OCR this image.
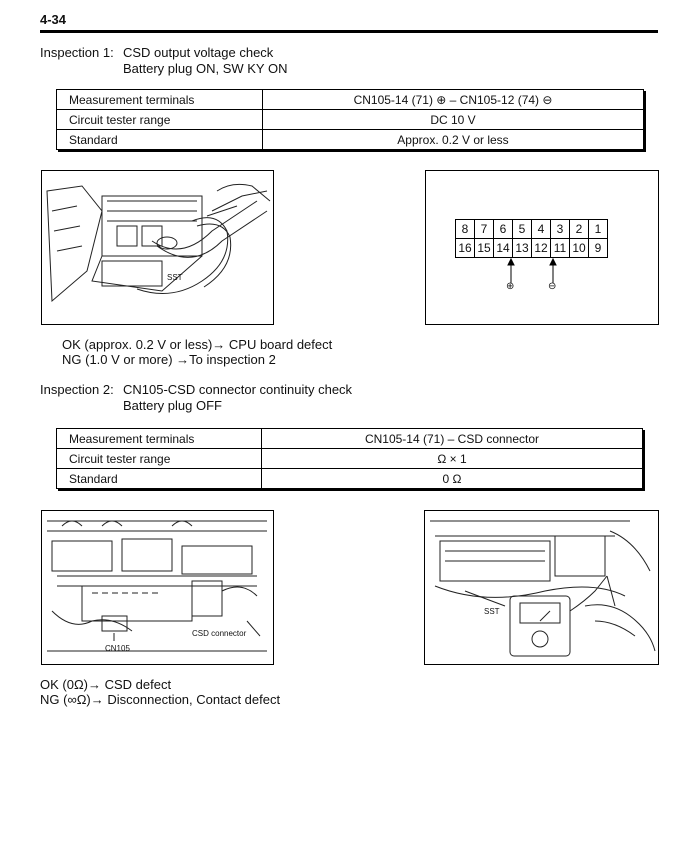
4-34
Inspection 1: CSD output voltage check
Battery plug ON, SW KY ON
Measurement terminals	CN105-14 (71) ⊕ – CN105-12 (74) ⊖
Circuit tester range	DC 10 V
Standard	Approx. 0.2 V or less
SST
8	7	6	5	4	3	2	1
16	15	14	13	12	11	10	9
⊕	⊖
OK (approx. 0.2 V or less)→ CPU board defect
NG (1.0 V or more) →To inspection 2
Inspection 2: CN105-CSD connector continuity check
Battery plug OFF
Measurement terminals	CN105-14 (71) – CSD connector
Circuit tester range	Ω × 1
Standard	0 Ω
CSD connector
CN105
SST
OK (0Ω)→ CSD defect
NG (∞Ω)→ Disconnection, Contact defect
